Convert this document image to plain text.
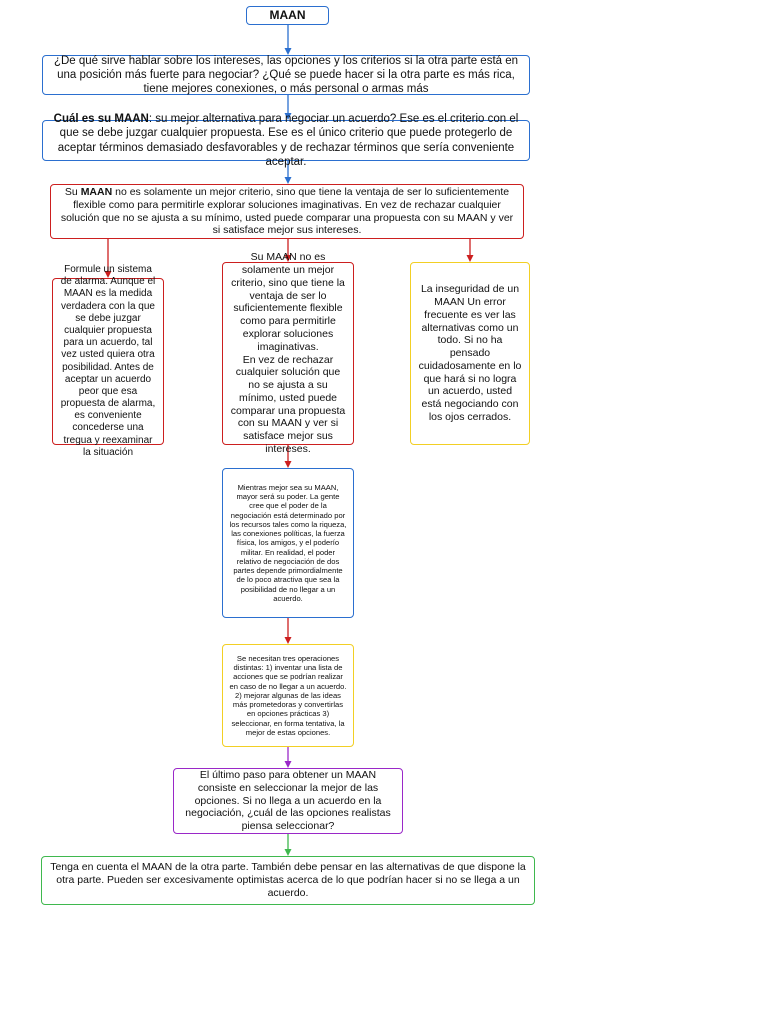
MAAN

¿De qué sirve hablar sobre los intereses, las opciones y los criterios si la otra parte está en una posición más fuerte para negociar? ¿Qué se puede hacer si la otra parte es más rica, tiene mejores conexiones, o más personal o armas más

Cuál es su MAAN: su mejor alternativa para negociar un acuerdo? Ese es el criterio con el que se debe juzgar cualquier propuesta. Ese es el único criterio que puede protegerlo de aceptar términos demasiado desfavorables y de rechazar términos que sería conveniente aceptar.

Su MAAN no es solamente un mejor criterio, sino que tiene la ventaja de ser lo suficientemente flexible como para permitirle explorar soluciones imaginativas. En vez de rechazar cualquier solución que no se ajusta a su mínimo, usted puede comparar una propuesta con su MAAN y ver si satisface mejor sus intereses.

Formule un sistema de alarma. Aunque el MAAN es la medida verdadera con la que se debe juzgar cualquier propuesta para un acuerdo, tal vez usted quiera otra posibilidad. Antes de aceptar un acuerdo peor que esa propuesta de alarma, es conveniente concederse una tregua y reexaminar la situación

Su MAAN no es solamente un mejor criterio, sino que tiene la ventaja de ser lo suficientemente flexible como para permitirle explorar soluciones imaginativas.
En vez de rechazar cualquier solución que no se ajusta a su mínimo, usted puede comparar una propuesta con su MAAN y ver si satisface mejor sus intereses.

La inseguridad de un MAAN Un error frecuente es ver las alternativas como un todo. Si no ha pensado cuidadosamente en lo que hará si no logra un acuerdo, usted está negociando con los ojos cerrados.

Mientras mejor sea su MAAN, mayor será su poder. La gente cree que el poder de la negociación está determinado por los recursos tales como la riqueza, las conexiones políticas, la fuerza física, los amigos, y el poderío militar. En realidad, el poder relativo de negociación de dos partes depende primordialmente de lo poco atractiva que sea la posibilidad de no llegar a un acuerdo.

Se necesitan tres operaciones distintas: 1) inventar una lista de acciones que se podrían realizar en caso de no llegar a un acuerdo. 2) mejorar algunas de las ideas más prometedoras y convertirlas en opciones prácticas 3) seleccionar, en forma tentativa, la mejor de estas opciones.

El último paso para obtener un MAAN consiste en seleccionar la mejor de las opciones. Si no llega a un acuerdo en la negociación, ¿cuál de las opciones realistas piensa seleccionar?

Tenga en cuenta el MAAN de la otra parte. También debe pensar en las alternativas de que dispone la otra parte. Pueden ser excesivamente optimistas acerca de lo que podrían hacer si no se llega a un acuerdo.
